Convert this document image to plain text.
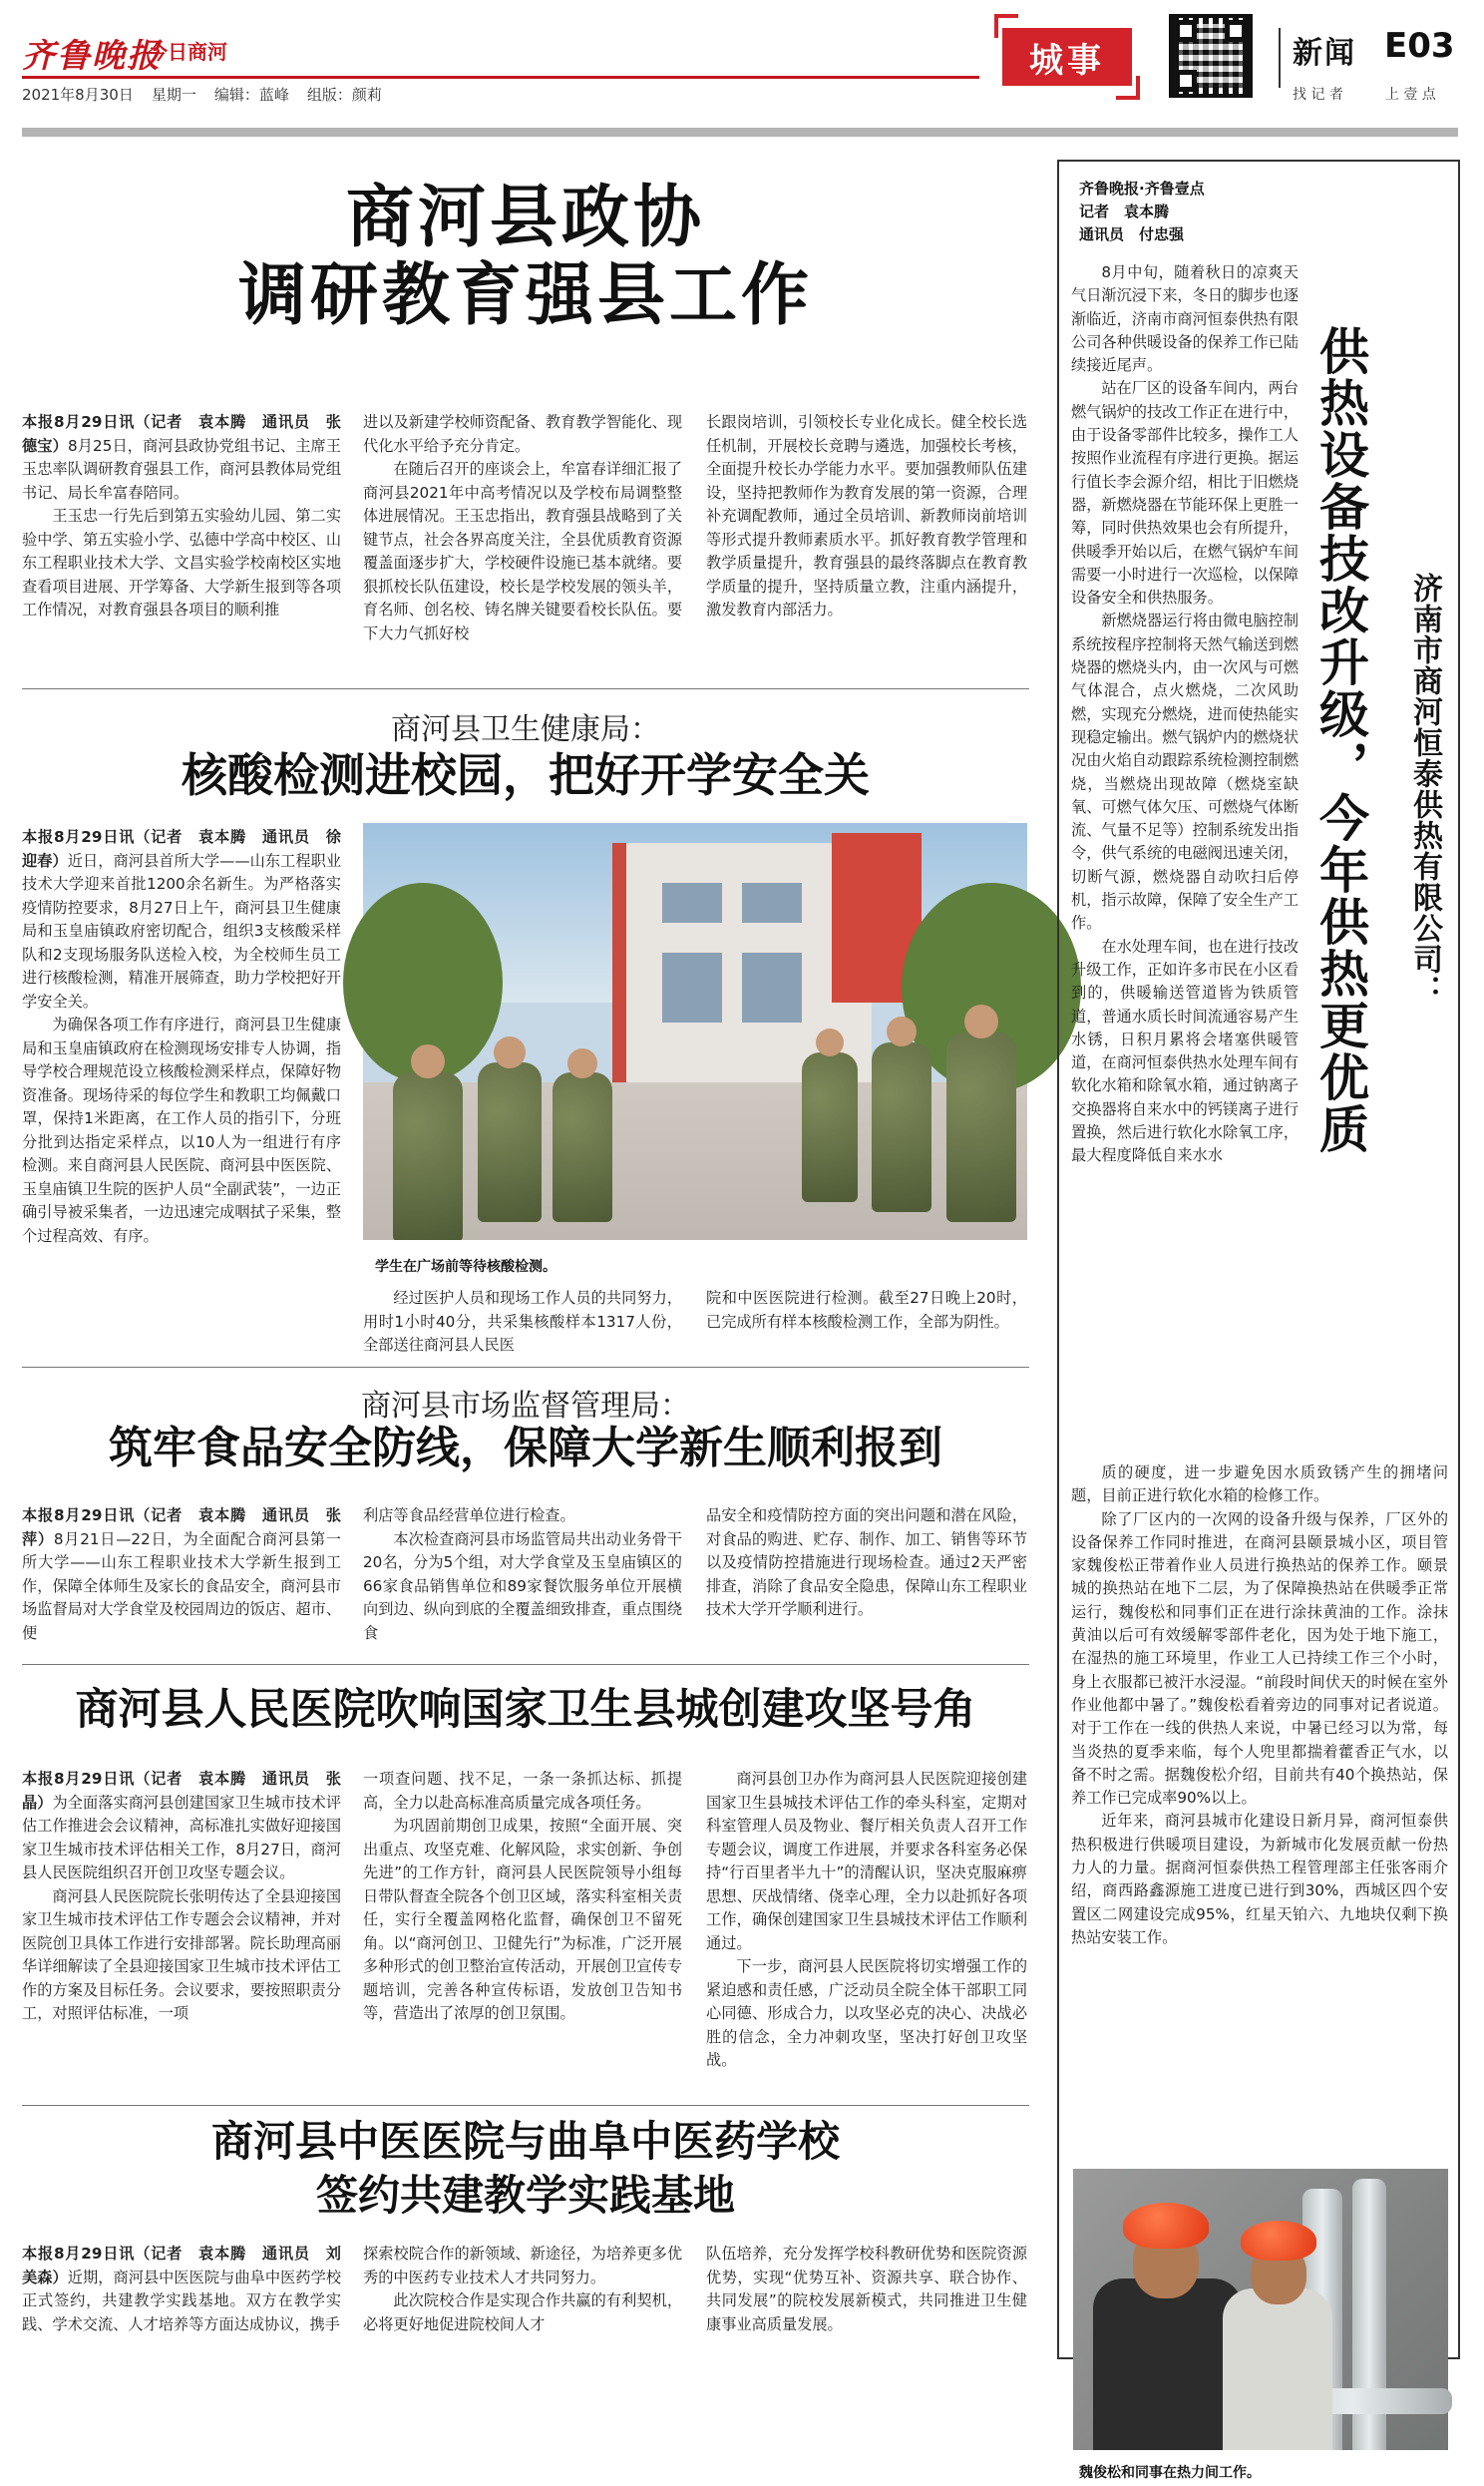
齐鲁晚报
今日商河
2021年8月30日 星期一 编辑：蓝峰 组版：颜莉
城事	新闻 E03
找 记 者	上 壹 点
商河县政协
调研教育强县工作

本报8月29日讯（记者　袁本腾　通讯员　张德宝）8月25日，商河县政协党组书记、主席王玉忠率队调研教育强县工作，商河县教体局党组书记、局长牟富春陪同。

王玉忠一行先后到第五实验幼儿园、第二实验中学、第五实验小学、弘德中学高中校区、山东工程职业技术大学、文昌实验学校南校区实地查看项目进展、开学筹备、大学新生报到等各项工作情况，对教育强县各项目的顺利推

进以及新建学校师资配备、教育教学智能化、现代化水平给予充分肯定。

在随后召开的座谈会上，牟富春详细汇报了商河县2021年中高考情况以及学校布局调整整体进展情况。王玉忠指出，教育强县战略到了关键节点，社会各界高度关注，全县优质教育资源覆盖面逐步扩大，学校硬件设施已基本就绪。要狠抓校长队伍建设，校长是学校发展的领头羊，育名师、创名校、铸名牌关键要看校长队伍。要下大力气抓好校

长跟岗培训，引领校长专业化成长。健全校长选任机制，开展校长竞聘与遴选，加强校长考核，全面提升校长办学能力水平。要加强教师队伍建设，坚持把教师作为教育发展的第一资源，合理补充调配教师，通过全员培训、新教师岗前培训等形式提升教师素质水平。抓好教育教学管理和教学质量提升，教育强县的最终落脚点在教育教学质量的提升，坚持质量立教，注重内涵提升，激发教育内部活力。

商河县卫生健康局：
核酸检测进校园，把好开学安全关

本报8月29日讯（记者　袁本腾　通讯员　徐迎春）近日，商河县首所大学——山东工程职业技术大学迎来首批1200余名新生。为严格落实疫情防控要求，8月27日上午，商河县卫生健康局和玉皇庙镇政府密切配合，组织3支核酸采样队和2支现场服务队送检入校，为全校师生员工进行核酸检测，精准开展筛查，助力学校把好开学安全关。

为确保各项工作有序进行，商河县卫生健康局和玉皇庙镇政府在检测现场安排专人协调，指导学校合理规范设立核酸检测采样点，保障好物资准备。现场待采的每位学生和教职工均佩戴口罩，保持1米距离，在工作人员的指引下，分班分批到达指定采样点，以10人为一组进行有序检测。来自商河县人民医院、商河县中医医院、玉皇庙镇卫生院的医护人员“全副武装”，一边正确引导被采集者，一边迅速完成咽拭子采集，整个过程高效、有序。

学生在广场前等待核酸检测。

经过医护人员和现场工作人员的共同努力，用时1小时40分，共采集核酸样本1317人份，全部送往商河县人民医

院和中医医院进行检测。截至27日晚上20时，已完成所有样本核酸检测工作，全部为阴性。

商河县市场监督管理局：
筑牢食品安全防线，保障大学新生顺利报到

本报8月29日讯（记者　袁本腾　通讯员　张萍）8月21日—22日，为全面配合商河县第一所大学——山东工程职业技术大学新生报到工作，保障全体师生及家长的食品安全，商河县市场监督局对大学食堂及校园周边的饭店、超市、便

利店等食品经营单位进行检查。

本次检查商河县市场监管局共出动业务骨干20名，分为5个组，对大学食堂及玉皇庙镇区的66家食品销售单位和89家餐饮服务单位开展横向到边、纵向到底的全覆盖细致排查，重点围绕食

品安全和疫情防控方面的突出问题和潜在风险，对食品的购进、贮存、制作、加工、销售等环节以及疫情防控措施进行现场检查。通过2天严密排查，消除了食品安全隐患，保障山东工程职业技术大学开学顺利进行。

商河县人民医院吹响国家卫生县城创建攻坚号角

本报8月29日讯（记者　袁本腾　通讯员　张晶）为全面落实商河县创建国家卫生城市技术评估工作推进会会议精神，高标准扎实做好迎接国家卫生城市技术评估相关工作，8月27日，商河县人民医院组织召开创卫攻坚专题会议。

商河县人民医院院长张明传达了全县迎接国家卫生城市技术评估工作专题会会议精神，并对医院创卫具体工作进行安排部署。院长助理高丽华详细解读了全县迎接国家卫生城市技术评估工作的方案及目标任务。会议要求，要按照职责分工，对照评估标准，一项

一项查问题、找不足，一条一条抓达标、抓提高，全力以赴高标准高质量完成各项任务。

为巩固前期创卫成果，按照“全面开展、突出重点、攻坚克难、化解风险，求实创新、争创先进”的工作方针，商河县人民医院领导小组每日带队督查全院各个创卫区域，落实科室相关责任，实行全覆盖网格化监督，确保创卫不留死角。以“商河创卫、卫健先行”为标准，广泛开展多种形式的创卫整治宣传活动，开展创卫宣传专题培训，完善各种宣传标语，发放创卫告知书等，营造出了浓厚的创卫氛围。

商河县创卫办作为商河县人民医院迎接创建国家卫生县城技术评估工作的牵头科室，定期对科室管理人员及物业、餐厅相关负责人召开工作专题会议，调度工作进展，并要求各科室务必保持“行百里者半九十”的清醒认识，坚决克服麻痹思想、厌战情绪、侥幸心理，全力以赴抓好各项工作，确保创建国家卫生县城技术评估工作顺利通过。

下一步，商河县人民医院将切实增强工作的紧迫感和责任感，广泛动员全院全体干部职工同心同德、形成合力，以攻坚必克的决心、决战必胜的信念，全力冲刺攻坚，坚决打好创卫攻坚战。

商河县中医医院与曲阜中医药学校
签约共建教学实践基地

本报8月29日讯（记者　袁本腾　通讯员　刘美森）近期，商河县中医医院与曲阜中医药学校正式签约，共建教学实践基地。双方在教学实践、学术交流、人才培养等方面达成协议，携手

探索校院合作的新领域、新途径，为培养更多优秀的中医药专业技术人才共同努力。

此次院校合作是实现合作共赢的有利契机，必将更好地促进院校间人才

队伍培养，充分发挥学校科教研优势和医院资源优势，实现“优势互补、资源共享、联合协作、共同发展”的院校发展新模式，共同推进卫生健康事业高质量发展。

齐鲁晚报·齐鲁壹点
记者　袁本腾
通讯员　付忠强
供热设备技改升级，今年供热更优质 济南市商河恒泰供热有限公司：

8月中旬，随着秋日的凉爽天气日渐沉浸下来，冬日的脚步也逐渐临近，济南市商河恒泰供热有限公司各种供暖设备的保养工作已陆续接近尾声。

站在厂区的设备车间内，两台燃气锅炉的技改工作正在进行中，由于设备零部件比较多，操作工人按照作业流程有序进行更换。据运行值长李会源介绍，相比于旧燃烧器，新燃烧器在节能环保上更胜一筹，同时供热效果也会有所提升，供暖季开始以后，在燃气锅炉车间需要一小时进行一次巡检，以保障设备安全和供热服务。

新燃烧器运行将由微电脑控制系统按程序控制将天然气输送到燃烧器的燃烧头内，由一次风与可燃气体混合，点火燃烧，二次风助燃，实现充分燃烧，进而使热能实现稳定输出。燃气锅炉内的燃烧状况由火焰自动跟踪系统检测控制燃烧，当燃烧出现故障（燃烧室缺氧、可燃气体欠压、可燃烧气体断流、气量不足等）控制系统发出指令，供气系统的电磁阀迅速关闭，切断气源，燃烧器自动吹扫后停机，指示故障，保障了安全生产工作。

在水处理车间，也在进行技改升级工作，正如许多市民在小区看到的，供暖输送管道皆为铁质管道，普通水质长时间流通容易产生水锈，日积月累将会堵塞供暖管道，在商河恒泰供热水处理车间有软化水箱和除氧水箱，通过钠离子交换器将自来水中的钙镁离子进行置换，然后进行软化水除氧工序，最大程度降低自来水水

质的硬度，进一步避免因水质致锈产生的拥堵问题，目前正进行软化水箱的检修工作。

除了厂区内的一次网的设备升级与保养，厂区外的设备保养工作同时推进，在商河县颐景城小区，项目管家魏俊松正带着作业人员进行换热站的保养工作。颐景城的换热站在地下二层，为了保障换热站在供暖季正常运行，魏俊松和同事们正在进行涂抹黄油的工作。涂抹黄油以后可有效缓解零部件老化，因为处于地下施工，在湿热的施工环境里，作业工人已持续工作三个小时，身上衣服都已被汗水浸湿。“前段时间伏天的时候在室外作业他都中暑了。”魏俊松看着旁边的同事对记者说道。对于工作在一线的供热人来说，中暑已经习以为常，每当炎热的夏季来临，每个人兜里都揣着藿香正气水，以备不时之需。据魏俊松介绍，目前共有40个换热站，保养工作已完成率90%以上。

近年来，商河县城市化建设日新月异，商河恒泰供热积极进行供暖项目建设，为新城市化发展贡献一份热力人的力量。据商河恒泰供热工程管理部主任张客雨介绍，商西路鑫源施工进度已进行到30%，西城区四个安置区二网建设完成95%，红星天铂六、九地块仅剩下换热站安装工作。

魏俊松和同事在热力间工作。
